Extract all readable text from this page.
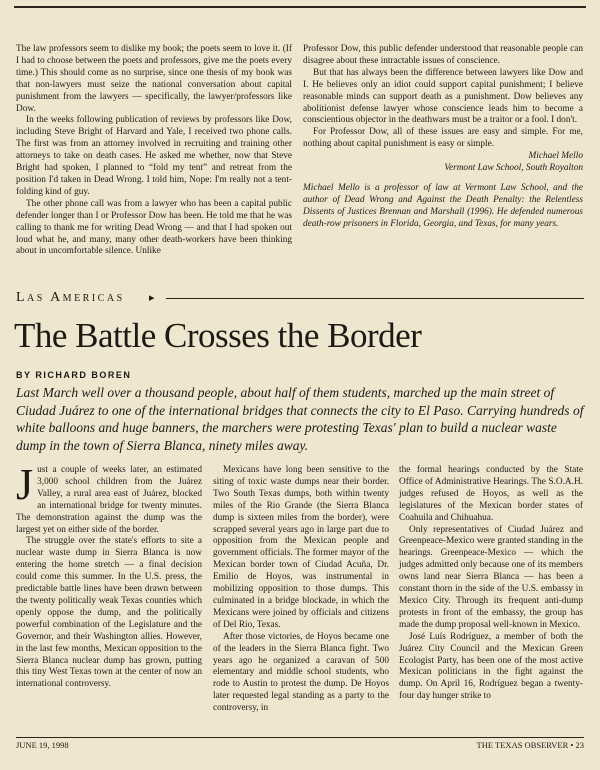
The law professors seem to dislike my book; the poets seem to love it. (If I had to choose between the poets and professors, give me the poets every time.) This should come as no surprise, since one thesis of my book was that non-lawyers must seize the national conversation about capital punishment from the lawyers — specifically, the lawyer/professors like Dow.

In the weeks following publication of reviews by professors like Dow, including Steve Bright of Harvard and Yale, I received two phone calls. The first was from an attorney involved in recruiting and training other attorneys to take on death cases. He asked me whether, now that Steve Bright had spoken, I planned to “fold my tent” and retreat from the position I'd taken in Dead Wrong. I told him, Nope: I'm really not a tent-folding kind of guy.

The other phone call was from a lawyer who has been a capital public defender longer than I or Professor Dow has been. He told me that he was calling to thank me for writing Dead Wrong — and that I had spoken out loud what he, and many, many other death-workers have been thinking about in uncomfortable silence. Unlike

Professor Dow, this public defender understood that reasonable people can disagree about these intractable issues of conscience.

But that has always been the difference between lawyers like Dow and I. He believes only an idiot could support capital punishment; I believe reasonable minds can support death as a punishment. Dow believes any abolitionist defense lawyer whose conscience leads him to become a conscientious objector in the deathwars must be a traitor or a fool. I don't.

For Professor Dow, all of these issues are easy and simple. For me, nothing about capital punishment is easy or simple.

Michael Mello

Vermont Law School, South Royalton

Michael Mello is a professor of law at Vermont Law School, and the author of Dead Wrong and Against the Death Penalty: the Relentless Dissents of Justices Brennan and Marshall (1996). He defended numerous death-row prisoners in Florida, Georgia, and Texas, for many years.

Las Americas ▸
The Battle Crosses the Border
BY RICHARD BOREN
Last March well over a thousand people, about half of them students, marched up the main street of Ciudad Juárez to one of the international bridges that connects the city to El Paso. Carrying hundreds of white balloons and huge banners, the marchers were protesting Texas' plan to build a nuclear waste dump in the town of Sierra Blanca, ninety miles away.

Just a couple of weeks later, an estimated 3,000 school children from the Juárez Valley, a rural area east of Juárez, blocked an international bridge for twenty minutes. The demonstration against the dump was the largest yet on either side of the border.

The struggle over the state's efforts to site a nuclear waste dump in Sierra Blanca is now entering the home stretch — a final decision could come this summer. In the U.S. press, the predictable battle lines have been drawn between the twenty politically weak Texas counties which openly oppose the dump, and the politically powerful combination of the Legislature and the Governor, and their Washington allies. However, in the last few months, Mexican opposition to the Sierra Blanca nuclear dump has grown, putting this tiny West Texas town at the center of now an international controversy.

Mexicans have long been sensitive to the siting of toxic waste dumps near their border. Two South Texas dumps, both within twenty miles of the Rio Grande (the Sierra Blanca dump is sixteen miles from the border), were scrapped several years ago in large part due to opposition from the Mexican people and government officials. The former mayor of the Mexican border town of Ciudad Acuña, Dr. Emilio de Hoyos, was instrumental in mobilizing opposition to those dumps. This culminated in a bridge blockade, in which the Mexicans were joined by officials and citizens of Del Rio, Texas.

After those victories, de Hoyos became one of the leaders in the Sierra Blanca fight. Two years ago he organized a caravan of 500 elementary and middle school students, who rode to Austin to protest the dump. De Hoyos later requested legal standing as a party to the controversy, in

the formal hearings conducted by the State Office of Administrative Hearings. The S.O.A.H. judges refused de Hoyos, as well as the legislatures of the Mexican border states of Coahuila and Chihuahua.

Only representatives of Ciudad Juárez and Greenpeace-Mexico were granted standing in the hearings. Greenpeace-Mexico — which the judges admitted only because one of its members owns land near Sierra Blanca — has been a constant thorn in the side of the U.S. embassy in Mexico City. Through its frequent anti-dump protests in front of the embassy, the group has made the dump proposal well-known in Mexico.

José Luís Rodríguez, a member of both the Juárez City Council and the Mexican Green Ecologist Party, has been one of the most active Mexican politicians in the fight against the dump. On April 16, Rodríguez began a twenty-four day hunger strike to

JUNE 19, 1998	THE TEXAS OBSERVER • 23
